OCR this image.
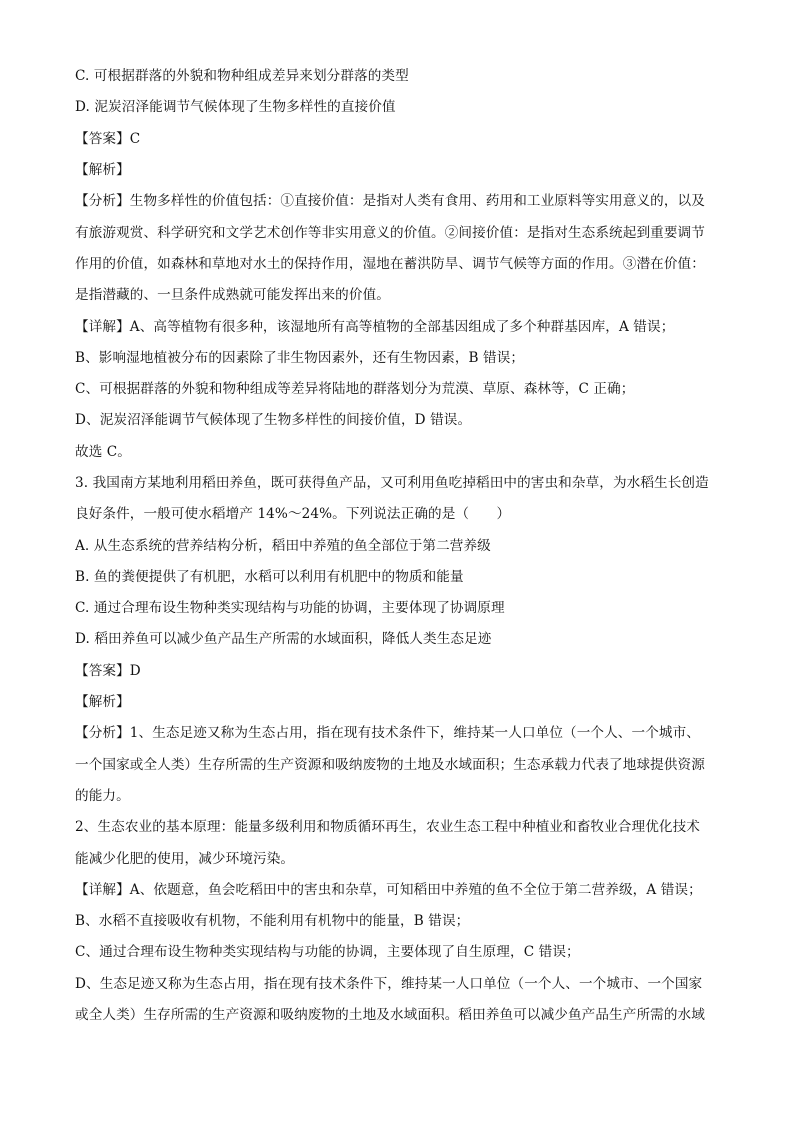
C. 可根据群落的外貌和物种组成差异来划分群落的类型
D. 泥炭沼泽能调节气候体现了生物多样性的直接价值
【答案】C
【解析】
【分析】生物多样性的价值包括：①直接价值：是指对人类有食用、药用和工业原料等实用意义的，以及
有旅游观赏、科学研究和文学艺术创作等非实用意义的价值。②间接价值：是指对生态系统起到重要调节
作用的价值，如森林和草地对水土的保持作用，湿地在蓄洪防旱、调节气候等方面的作用。③潜在价值：
是指潜藏的、一旦条件成熟就可能发挥出来的价值。
【详解】A、高等植物有很多种，该湿地所有高等植物的全部基因组成了多个种群基因库，A 错误；
B、影响湿地植被分布的因素除了非生物因素外，还有生物因素，B 错误；
C、可根据群落的外貌和物种组成等差异将陆地的群落划分为荒漠、草原、森林等，C 正确；
D、泥炭沼泽能调节气候体现了生物多样性的间接价值，D 错误。
故选 C。
3. 我国南方某地利用稻田养鱼，既可获得鱼产品，又可利用鱼吃掉稻田中的害虫和杂草，为水稻生长创造
良好条件，一般可使水稻增产 14%～24%。下列说法正确的是（　　）
A. 从生态系统的营养结构分析，稻田中养殖的鱼全部位于第二营养级
B. 鱼的粪便提供了有机肥，水稻可以利用有机肥中的物质和能量
C. 通过合理布设生物种类实现结构与功能的协调，主要体现了协调原理
D. 稻田养鱼可以减少鱼产品生产所需的水域面积，降低人类生态足迹
【答案】D
【解析】
【分析】1、生态足迹又称为生态占用，指在现有技术条件下，维持某一人口单位（一个人、一个城市、
一个国家或全人类）生存所需的生产资源和吸纳废物的土地及水域面积；生态承载力代表了地球提供资源
的能力。
2、生态农业的基本原理：能量多级利用和物质循环再生，农业生态工程中种植业和畜牧业合理优化技术
能减少化肥的使用，减少环境污染。
【详解】A、依题意，鱼会吃稻田中的害虫和杂草，可知稻田中养殖的鱼不全位于第二营养级，A 错误；
B、水稻不直接吸收有机物，不能利用有机物中的能量，B 错误；
C、通过合理布设生物种类实现结构与功能的协调，主要体现了自生原理，C 错误；
D、生态足迹又称为生态占用，指在现有技术条件下，维持某一人口单位（一个人、一个城市、一个国家
或全人类）生存所需的生产资源和吸纳废物的土地及水域面积。稻田养鱼可以减少鱼产品生产所需的水域
